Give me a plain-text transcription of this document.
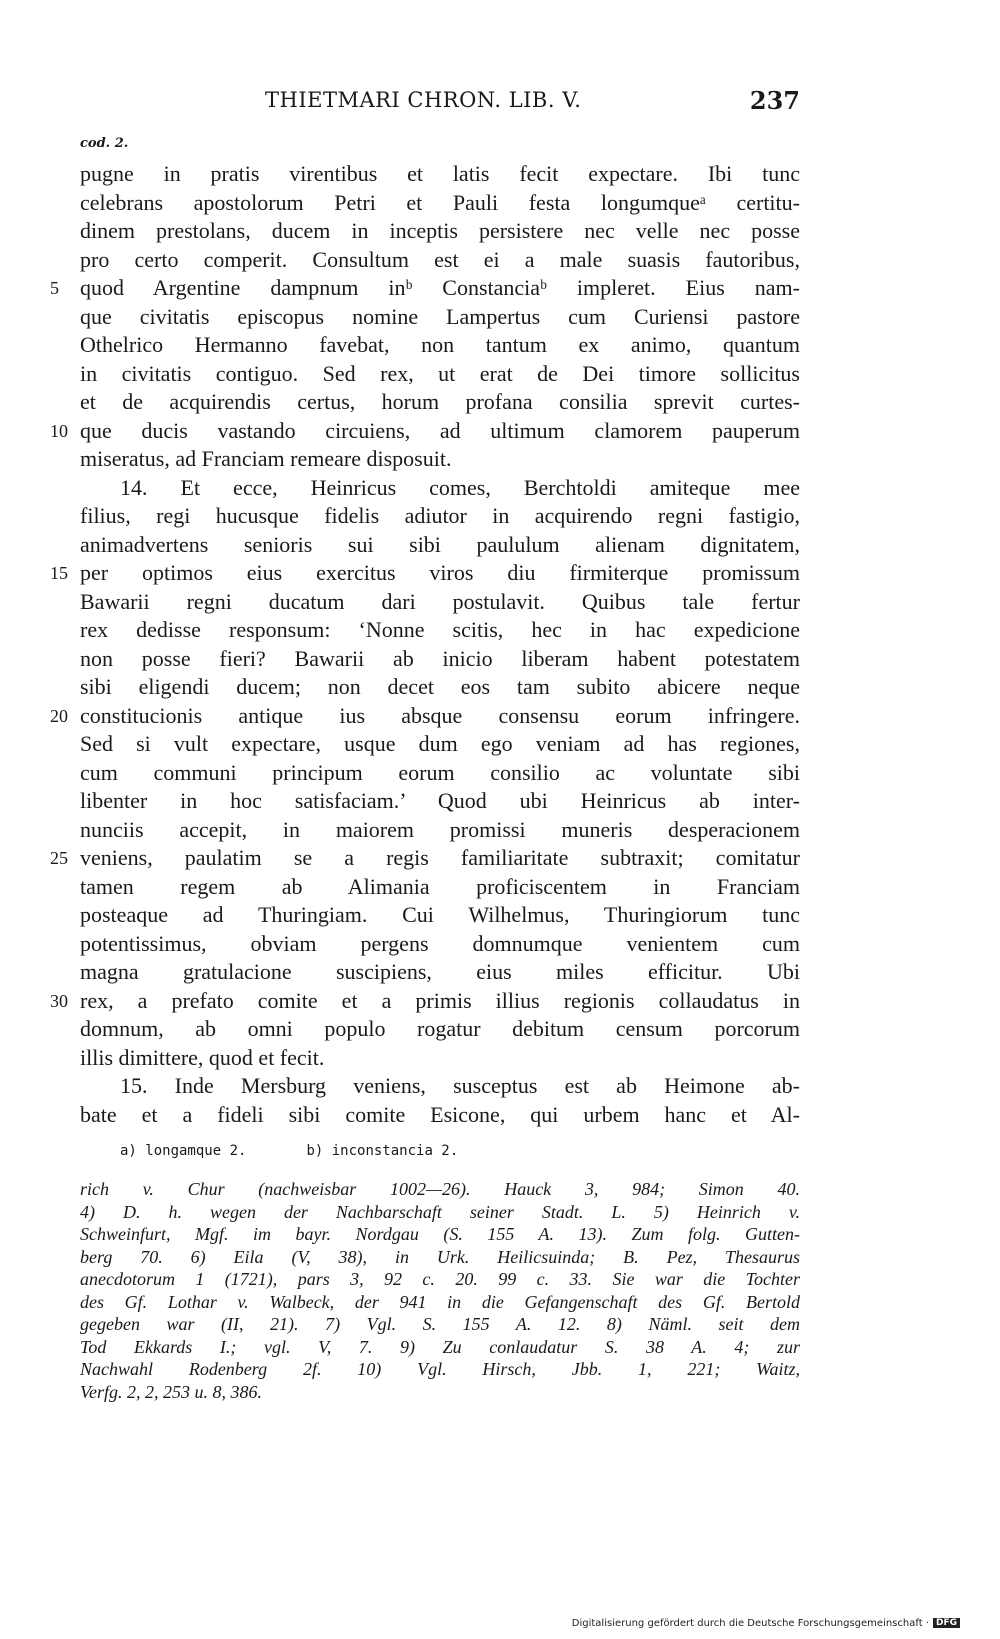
THIETMARI CHRON. LIB. V.	237
cod. 2.
pugne in pratis virentibus et latis fecit expectare. Ibi tunc
celebrans apostolorum Petri et Pauli festa longumqueᵃ certitu-
dinem prestolans, ducem in inceptis persistere nec velle nec posse
pro certo comperit. Consultum est ei a male suasis fautoribus,
5 quod Argentine dampnum inᵇ Constanciaᵇ impleret. Eius nam-
que civitatis episcopus nomine Lampertus cum Curiensi pastore
Othelrico Hermanno favebat, non tantum ex animo, quantum
in civitatis contiguo. Sed rex, ut erat de Dei timore sollicitus
et de acquirendis certus, horum profana consilia sprevit curtes-
10 que ducis vastando circuiens, ad ultimum clamorem pauperum
miseratus, ad Franciam remeare disposuit.
14. Et ecce, Heinricus comes, Berchtoldi amiteque mee
filius, regi hucusque fidelis adiutor in acquirendo regni fastigio,
animadvertens senioris sui sibi paululum alienam dignitatem,
15 per optimos eius exercitus viros diu firmiterque promissum
Bawarii regni ducatum dari postulavit. Quibus tale fertur
rex dedisse responsum: ‘Nonne scitis, hec in hac expedicione
non posse fieri? Bawarii ab inicio liberam habent potestatem
sibi eligendi ducem; non decet eos tam subito abicere neque
20 constitucionis antique ius absque consensu eorum infringere.
Sed si vult expectare, usque dum ego veniam ad has regiones,
cum communi principum eorum consilio ac voluntate sibi
libenter in hoc satisfaciam.’ Quod ubi Heinricus ab inter-
nunciis accepit, in maiorem promissi muneris desperacionem
25 veniens, paulatim se a regis familiaritate subtraxit; comitatur
tamen regem ab Alimania proficiscentem in Franciam
posteaque ad Thuringiam. Cui Wilhelmus, Thuringiorum tunc
potentissimus, obviam pergens domnumque venientem cum
magna gratulacione suscipiens, eius miles efficitur. Ubi
30 rex, a prefato comite et a primis illius regionis collaudatus in
domnum, ab omni populo rogatur debitum censum porcorum
illis dimittere, quod et fecit.
15. Inde Mersburg veniens, susceptus est ab Heimone ab-
bate et a fideli sibi comite Esicone, qui urbem hanc et Al-
a) longamque 2.	b) inconstancia 2.
rich v. Chur (nachweisbar 1002—26). Hauck 3, 984; Simon 40.
4) D. h. wegen der Nachbarschaft seiner Stadt. L. 5) Heinrich v.
Schweinfurt, Mgf. im bayr. Nordgau (S. 155 A. 13). Zum folg. Gutten-
berg 70. 6) Eila (V, 38), in Urk. Heilicsuinda; B. Pez, Thesaurus
anecdotorum 1 (1721), pars 3, 92 c. 20. 99 c. 33. Sie war die Tochter
des Gf. Lothar v. Walbeck, der 941 in die Gefangenschaft des Gf. Bertold
gegeben war (II, 21). 7) Vgl. S. 155 A. 12. 8) Näml. seit dem
Tod Ekkards I.; vgl. V, 7. 9) Zu conlaudatur S. 38 A. 4; zur
Nachwahl Rodenberg 2f. 10) Vgl. Hirsch, Jbb. 1, 221; Waitz,
Verfg. 2, 2, 253 u. 8, 386.
Digitalisierung gefördert durch die Deutsche Forschungsgemeinschaft · DFG
